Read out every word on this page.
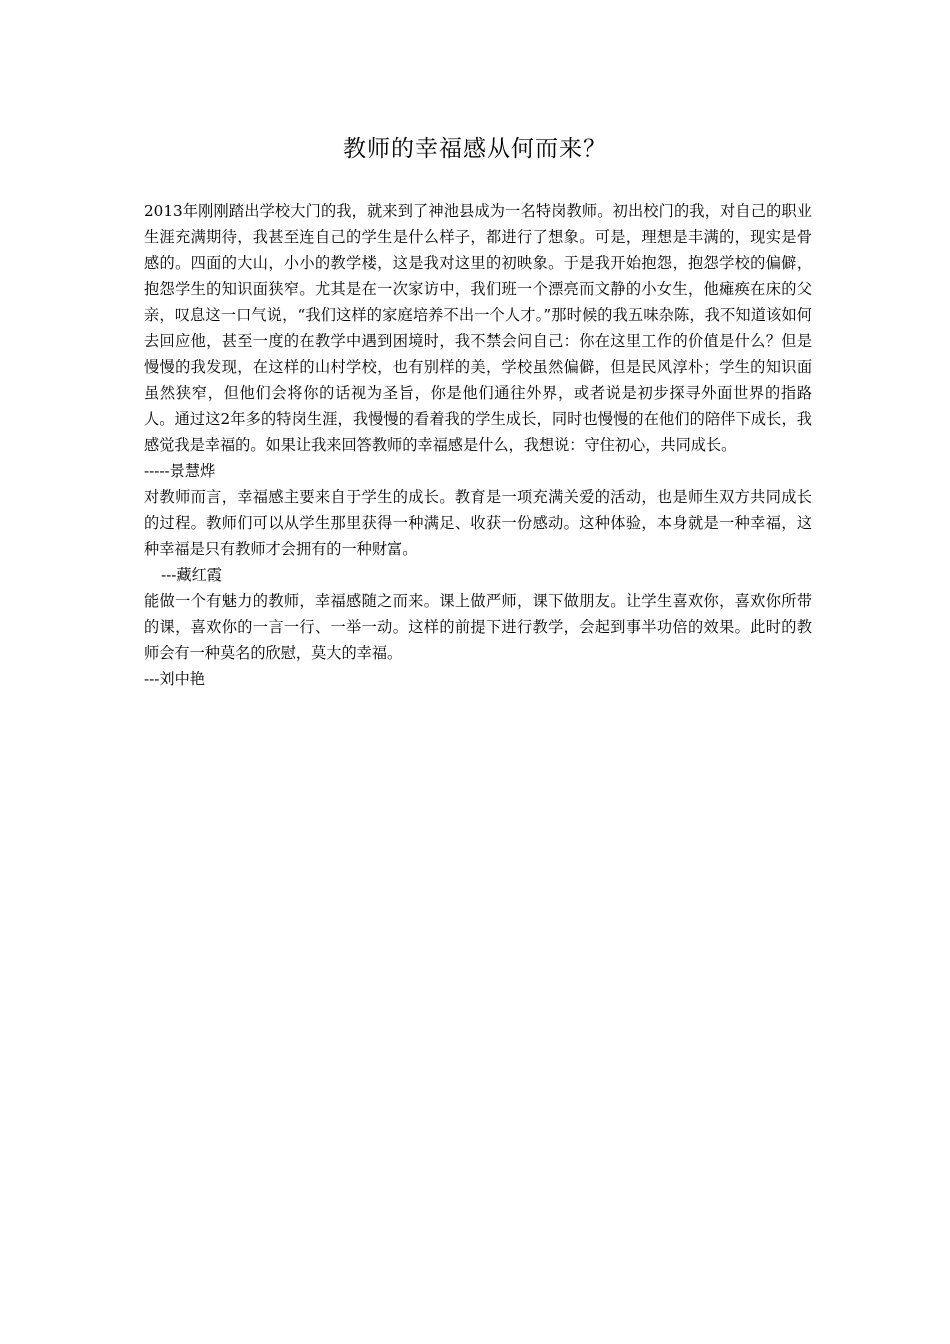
教师的幸福感从何而来？

2013年刚刚踏出学校大门的我，就来到了神池县成为一名特岗教师。初出校门的我，对自己的职业生涯充满期待，我甚至连自己的学生是什么样子，都进行了想象。可是，理想是丰满的，现实是骨感的。四面的大山，小小的教学楼，这是我对这里的初映象。于是我开始抱怨，抱怨学校的偏僻，抱怨学生的知识面狭窄。尤其是在一次家访中，我们班一个漂亮而文静的小女生，他瘫痪在床的父亲，叹息这一口气说，“我们这样的家庭培养不出一个人才。”那时候的我五味杂陈，我不知道该如何去回应他，甚至一度的在教学中遇到困境时，我不禁会问自己：你在这里工作的价值是什么？但是慢慢的我发现，在这样的山村学校，也有别样的美，学校虽然偏僻，但是民风淳朴；学生的知识面虽然狭窄，但他们会将你的话视为圣旨，你是他们通往外界，或者说是初步探寻外面世界的指路人。通过这2年多的特岗生涯，我慢慢的看着我的学生成长，同时也慢慢的在他们的陪伴下成长，我感觉我是幸福的。如果让我来回答教师的幸福感是什么，我想说：守住初心，共同成长。

-----景慧烨

对教师而言，幸福感主要来自于学生的成长。教育是一项充满关爱的活动，也是师生双方共同成长的过程。教师们可以从学生那里获得一种满足、收获一份感动。这种体验，本身就是一种幸福，这种幸福是只有教师才会拥有的一种财富。

---藏红霞

能做一个有魅力的教师，幸福感随之而来。课上做严师，课下做朋友。让学生喜欢你，喜欢你所带的课，喜欢你的一言一行、一举一动。这样的前提下进行教学，会起到事半功倍的效果。此时的教师会有一种莫名的欣慰，莫大的幸福。

---刘中艳
